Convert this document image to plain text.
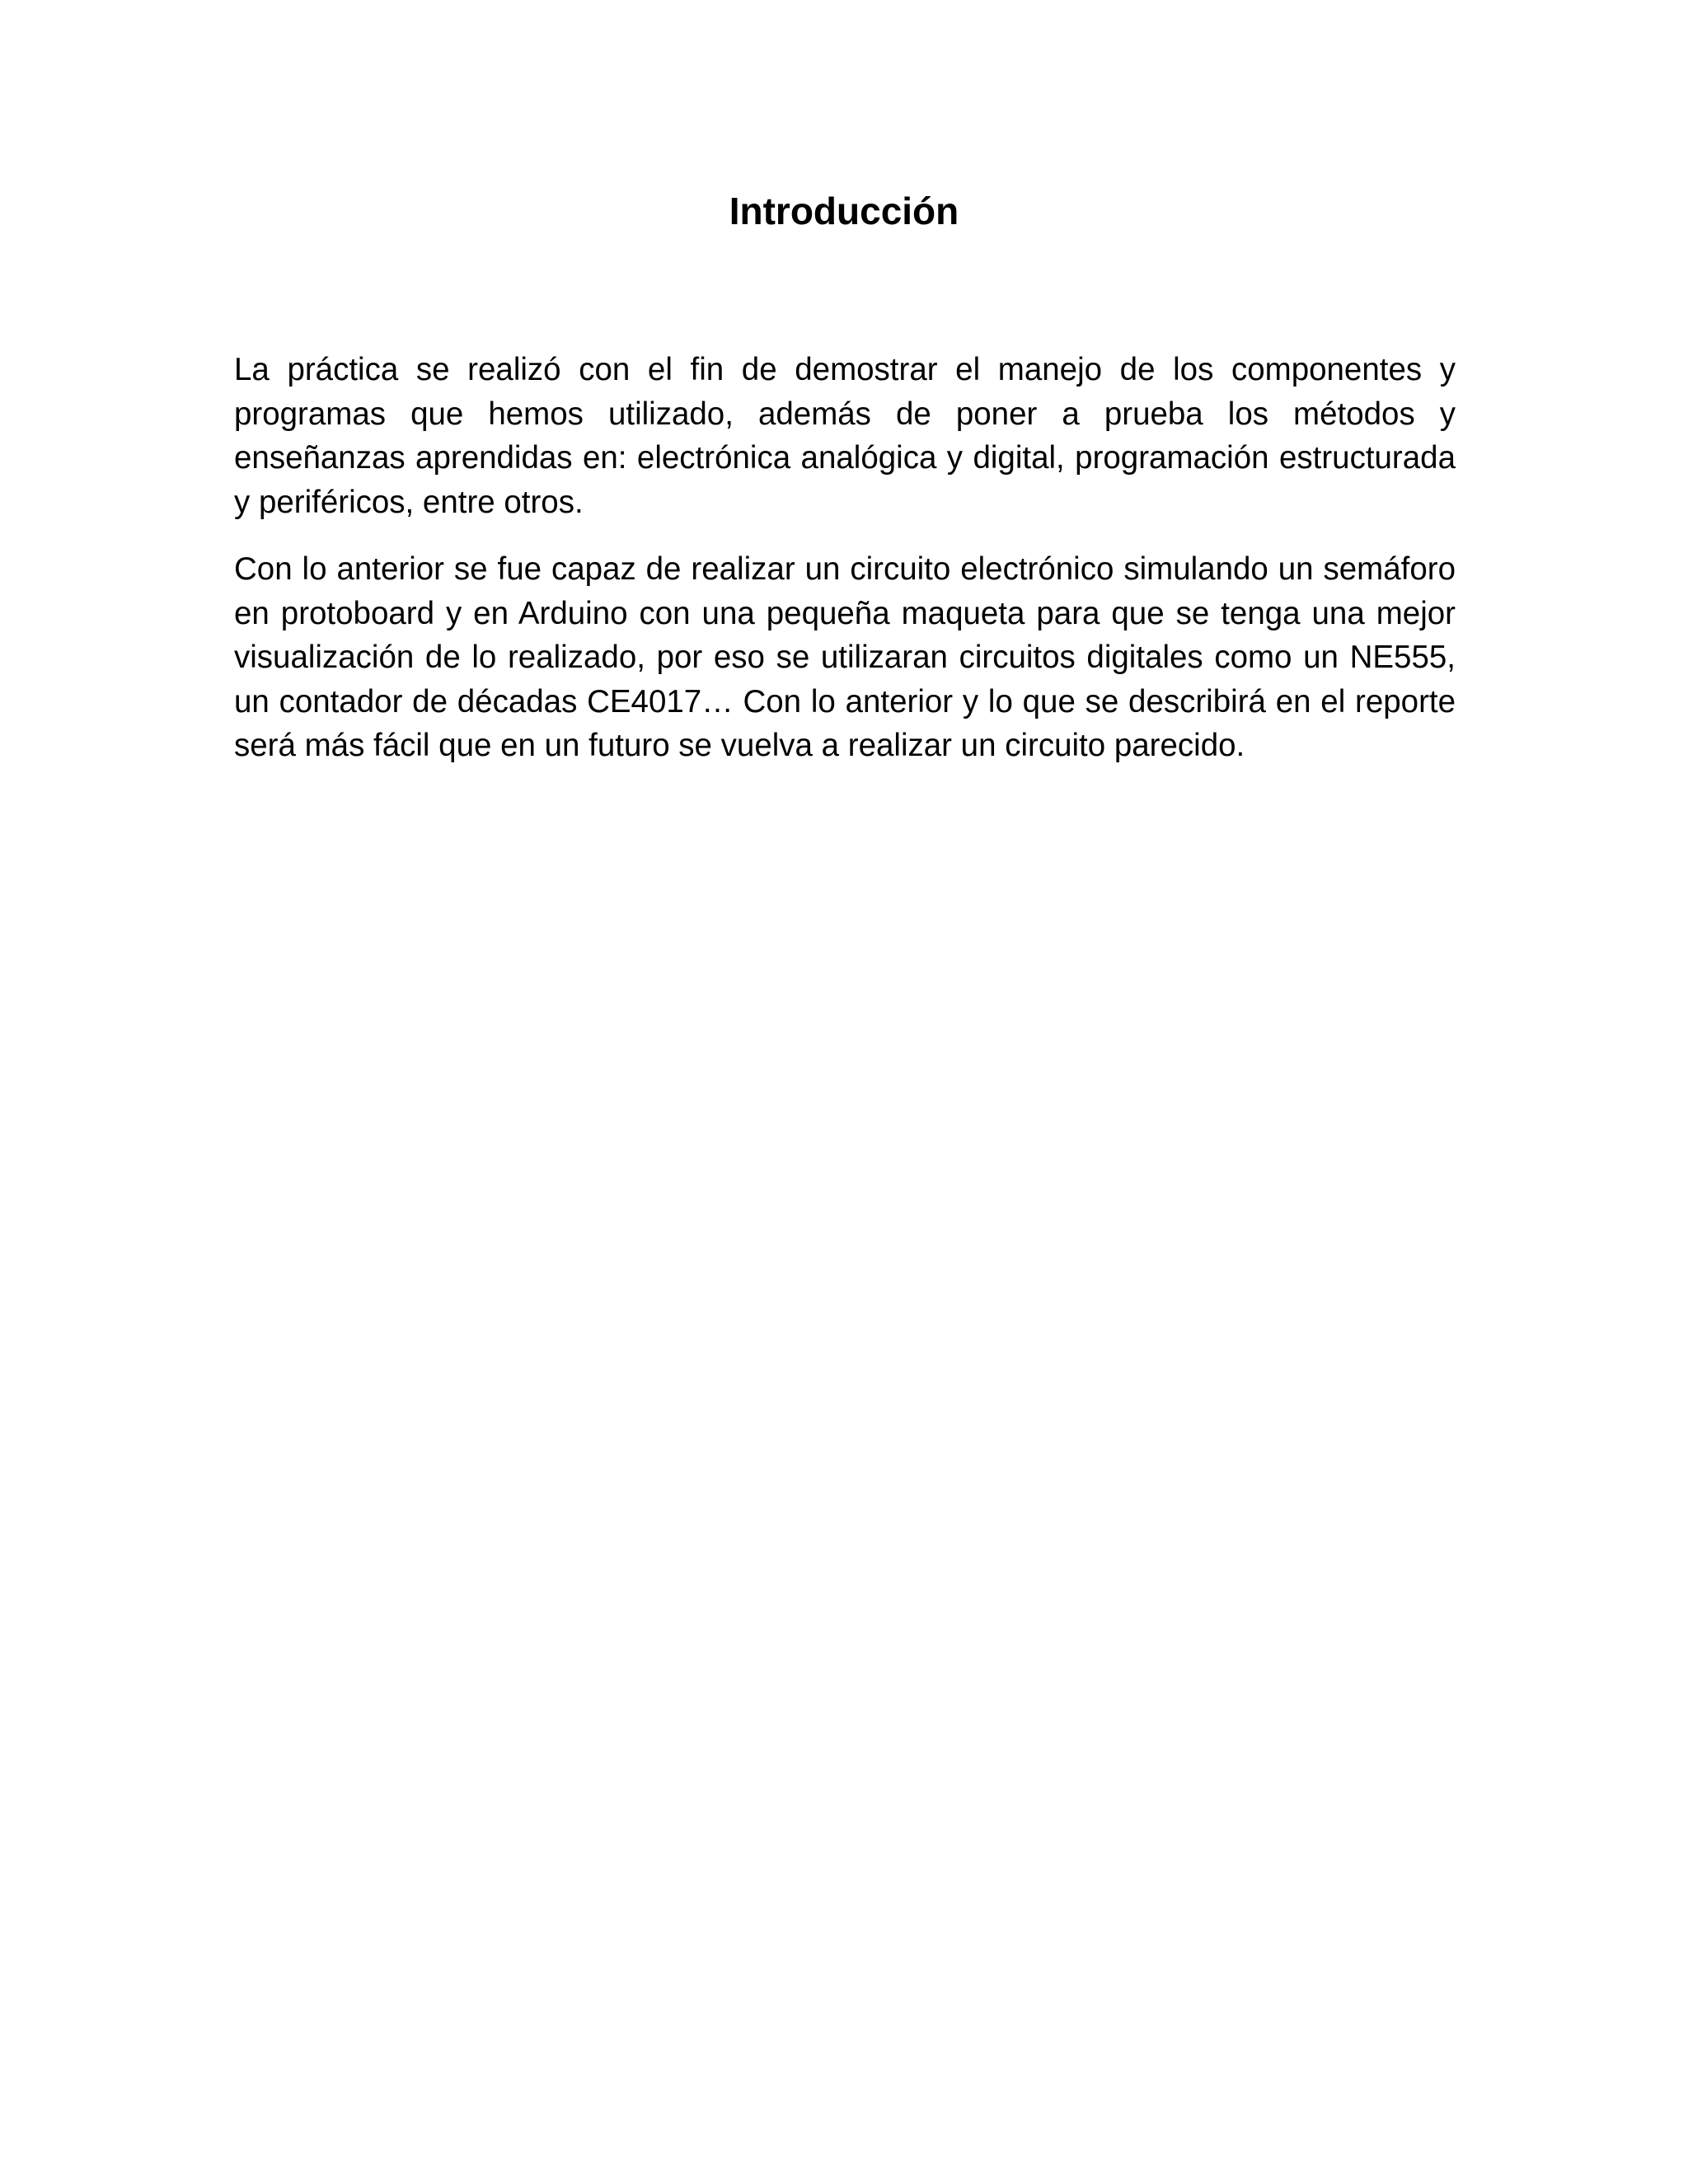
Introducción

La práctica se realizó con el fin de demostrar el manejo de los componentes y programas que hemos utilizado, además de poner a prueba los métodos y enseñanzas aprendidas en: electrónica analógica y digital, programación estructurada y periféricos, entre otros.

Con lo anterior se fue capaz de realizar un circuito electrónico simulando un semáforo en protoboard y en Arduino con una pequeña maqueta para que se tenga una mejor visualización de lo realizado, por eso se utilizaran circuitos digitales como un NE555, un contador de décadas CE4017… Con lo anterior y lo que se describirá en el reporte será más fácil que en un futuro se vuelva a realizar un circuito parecido.
